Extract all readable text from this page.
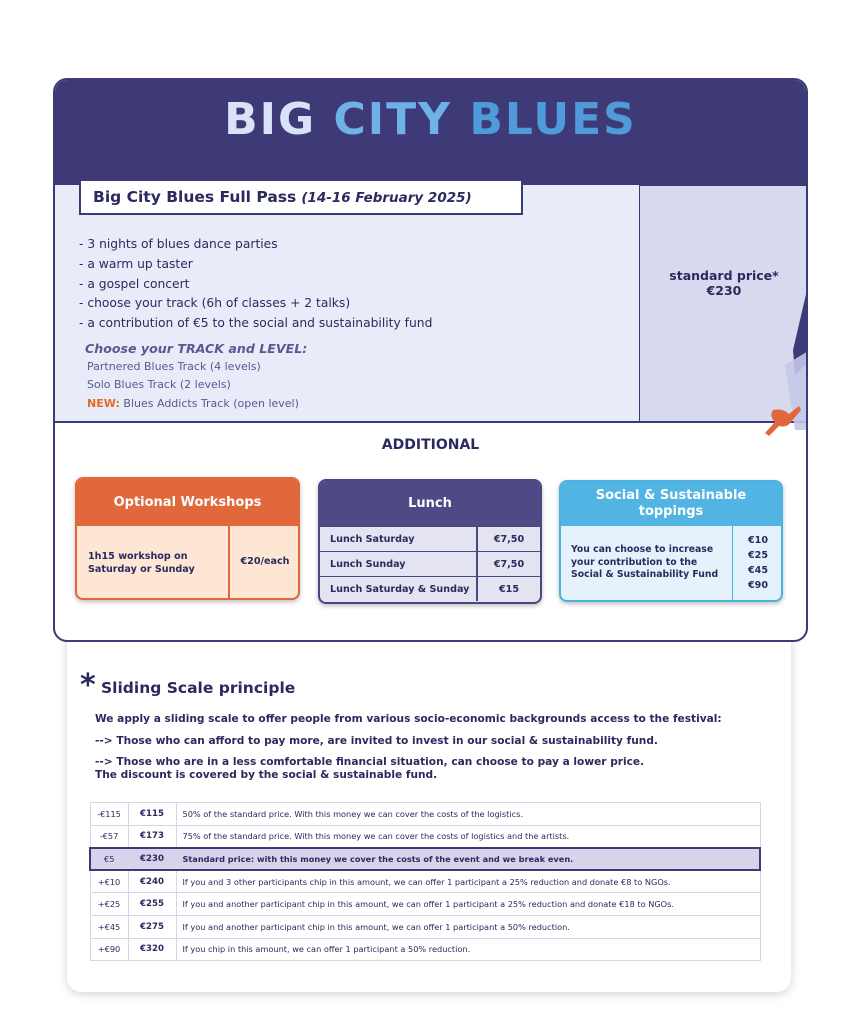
* Sliding Scale principle
We apply a sliding scale to offer people from various socio-economic backgrounds access to the festival:
--> Those who can afford to pay more, are invited to invest in our social & sustainability fund.
--> Those who are in a less comfortable financial situation, can choose to pay a lower price.
The discount is covered by the social & sustainable fund.
-€115	€115	50% of the standard price. With this money we can cover the costs of the logistics.
-€57	€173	75% of the standard price. With this money we can cover the costs of logistics and the artists.
€5	€230	Standard price: with this money we cover the costs of the event and we break even.
+€10	€240	If you and 3 other participants chip in this amount, we can offer 1 participant a 25% reduction and donate €8 to NGOs.
+€25	€255	If you and another participant chip in this amount, we can offer 1 participant a 25% reduction and donate €18 to NGOs.
+€45	€275	If you and another participant chip in this amount, we can offer 1 participant a 50% reduction.
+€90	€320	If you chip in this amount, we can offer 1 participant a 50% reduction.
BIG CITY BLUES
standard price*
€230
Big City Blues Full Pass (14-16 February 2025)
- 3 nights of blues dance parties
- a warm up taster
- a gospel concert
- choose your track (6h of classes + 2 talks)
- a contribution of €5 to the social and sustainability fund
Choose your TRACK and LEVEL:
Partnered Blues Track (4 levels)
Solo Blues Track (2 levels)
NEW: Blues Addicts Track (open level)
ADDITIONAL
Optional Workshops
1h15 workshop on Saturday or Sunday
€20/each
Lunch
Lunch Saturday	€7,50
Lunch Sunday	€7,50
Lunch Saturday & Sunday	€15
Social & Sustainable toppings
You can choose to increase your contribution to the Social & Sustainability Fund
€10
€25
€45
€90
